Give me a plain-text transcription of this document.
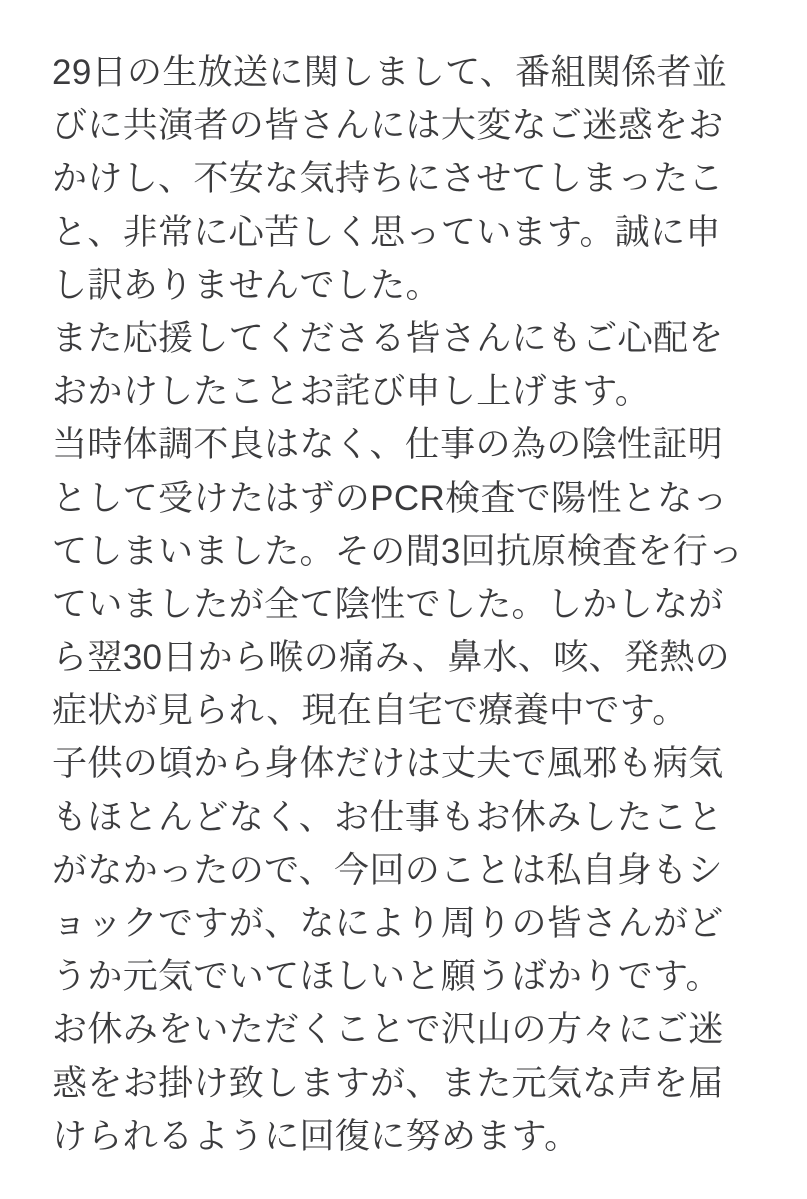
29日の生放送に関しまして、番組関係者並びに共演者の皆さんには大変なご迷惑をおかけし、不安な気持ちにさせてしまったこと、非常に心苦しく思っています。誠に申し訳ありませんでした。

また応援してくださる皆さんにもご心配をおかけしたことお詫び申し上げます。

当時体調不良はなく、仕事の為の陰性証明として受けたはずのPCR検査で陽性となってしまいました。その間3回抗原検査を行っていましたが全て陰性でした。しかしながら翌30日から喉の痛み、鼻水、咳、発熱の症状が見られ、現在自宅で療養中です。

子供の頃から身体だけは丈夫で風邪も病気もほとんどなく、お仕事もお休みしたことがなかったので、今回のことは私自身もショックですが、なにより周りの皆さんがどうか元気でいてほしいと願うばかりです。

お休みをいただくことで沢山の方々にご迷惑をお掛け致しますが、また元気な声を届けられるように回復に努めます。
